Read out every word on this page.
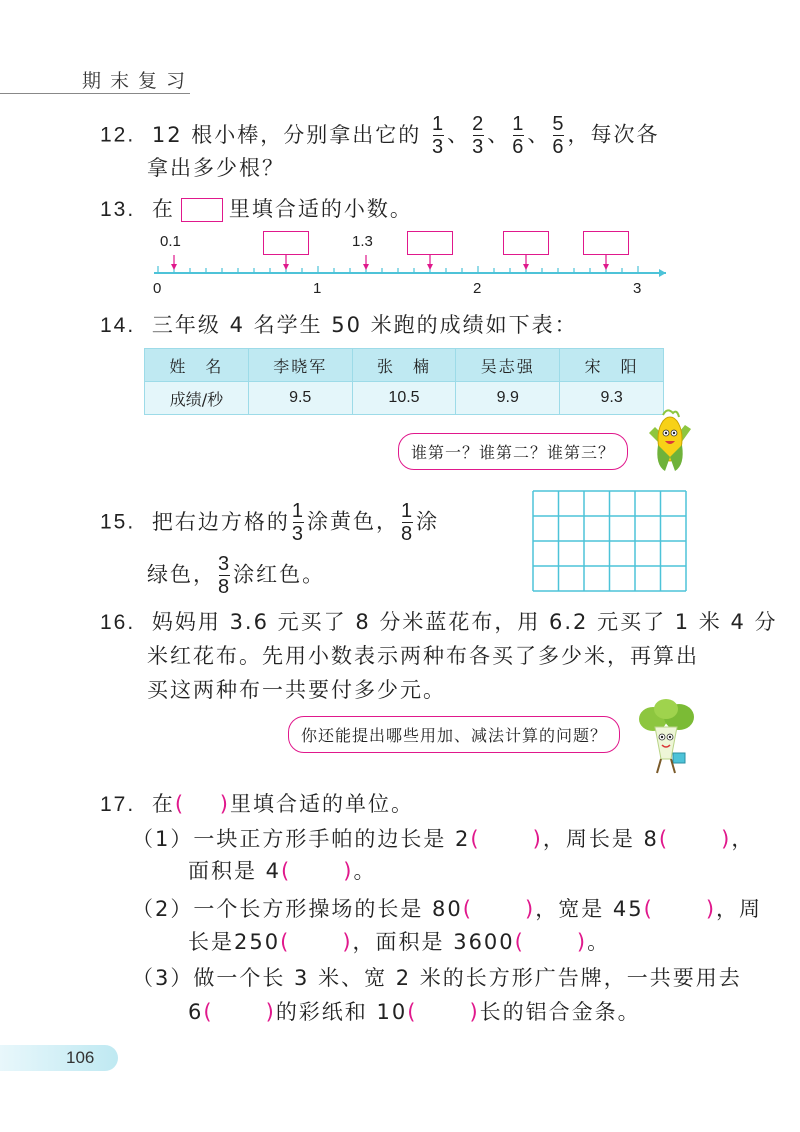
期末复习
12. 12 根小棒，分别拿出它的 $\frac{1}{3}$ 、 $\frac{2}{3}$ 、 $\frac{1}{6}$ 、 $\frac{5}{6}$ ，每次各
拿出多少根？
13. 在	里填合适的小数。
0.1	1.3
0	1	2	3
14. 三年级 4 名学生 50 米跑的成绩如下表：
姓　名	李晓军	张　楠	吴志强	宋　阳
成绩/秒	9.5	10.5	9.9	9.3
谁第一？谁第二？谁第三？
15. 把右边方格的 $\frac{1}{3}$ 涂黄色， $\frac{1}{8}$ 涂
绿色， $\frac{3}{8}$ 涂红色。
16. 妈妈用 3.6 元买了 8 分米蓝花布，用 6.2 元买了 1 米 4 分
米红花布。先用小数表示两种布各买了多少米，再算出
买这两种布一共要付多少元。
你还能提出哪些用加、减法计算的问题？
17. 在(    )里填合适的单位。
（1）一块正方形手帕的边长是 2(      )，周长是 8(      )，
面积是 4(      )。
（2）一个长方形操场的长是 80(      )，宽是 45(      )，周
长是250(      )，面积是 3600(      )。
（3）做一个长 3 米、宽 2 米的长方形广告牌，一共要用去
6(      )的彩纸和 10(      )长的铝合金条。
106
